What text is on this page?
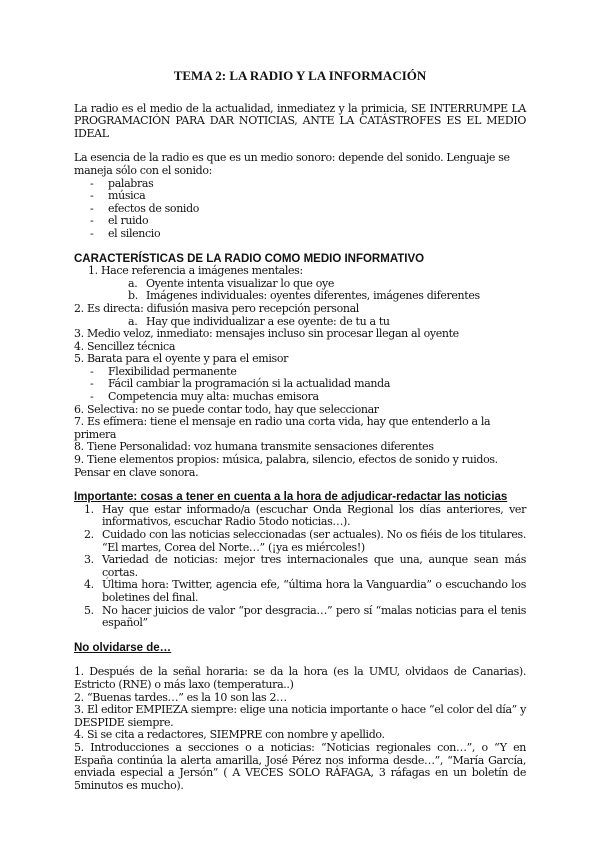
TEMA 2: LA RADIO Y LA INFORMACIÓN

La radio es el medio de la actualidad, inmediatez y la primicia, SE INTERRUMPE LA PROGRAMACIÓN PARA DAR NOTICIAS, ANTE LA CATÁSTROFES ES EL MEDIO IDEAL

La esencia de la radio es que es un medio sonoro: depende del sonido. Lenguaje se maneja sólo con el sonido:

- palabras
- música
- efectos de sonido
- el ruido
- el silencio
CARACTERÍSTICAS DE LA RADIO COMO MEDIO INFORMATIVO

1. Hace referencia a imágenes mentales:

a. Oyente intenta visualizar lo que oye
b. Imágenes individuales: oyentes diferentes, imágenes diferentes

2. Es directa: difusión masiva pero recepción personal

a. Hay que individualizar a ese oyente: de tu a tu

3. Medio veloz, inmediato: mensajes incluso sin procesar llegan al oyente

4. Sencillez técnica

5. Barata para el oyente y para el emisor

- Flexibilidad permanente
- Fácil cambiar la programación si la actualidad manda
- Competencia muy alta: muchas emisora

6. Selectiva: no se puede contar todo, hay que seleccionar

7. Es efímera: tiene el mensaje en radio una corta vida, hay que entenderlo a la primera

8. Tiene Personalidad: voz humana transmite sensaciones diferentes

9. Tiene elementos propios: música, palabra, silencio, efectos de sonido y ruidos. Pensar en clave sonora.

Importante: cosas a tener en cuenta a la hora de adjudicar-redactar las noticias
1. Hay que estar informado/a (escuchar Onda Regional los días anteriores, ver informativos, escuchar Radio 5todo noticias…).
2. Cuidado con las noticias seleccionadas (ser actuales). No os fiéis de los titulares. “El martes, Corea del Norte…” (¡ya es miércoles!)
3. Variedad de noticias: mejor tres internacionales que una, aunque sean más cortas.
4. Última hora: Twitter, agencia efe, “última hora la Vanguardia” o escuchando los boletines del final.
5. No hacer juicios de valor “por desgracia…” pero sí “malas noticias para el tenis español”
No olvidarse de…

1. Después de la señal horaria: se da la hora (es la UMU, olvidaos de Canarias). Estricto (RNE) o más laxo (temperatura..)

2. “Buenas tardes…” es la 10 son las 2…

3. El editor EMPIEZA siempre: elige una noticia importante o hace “el color del día” y DESPIDE siempre.

4. Si se cita a redactores, SIEMPRE con nombre y apellido.

5. Introducciones a secciones o a noticias: “Noticias regionales con…”, o “Y en España continúa la alerta amarilla, José Pérez nos informa desde…”, “María García, enviada especial a Jersón” ( A VECES SOLO RÁFAGA, 3 ráfagas en un boletín de 5minutos es mucho).
